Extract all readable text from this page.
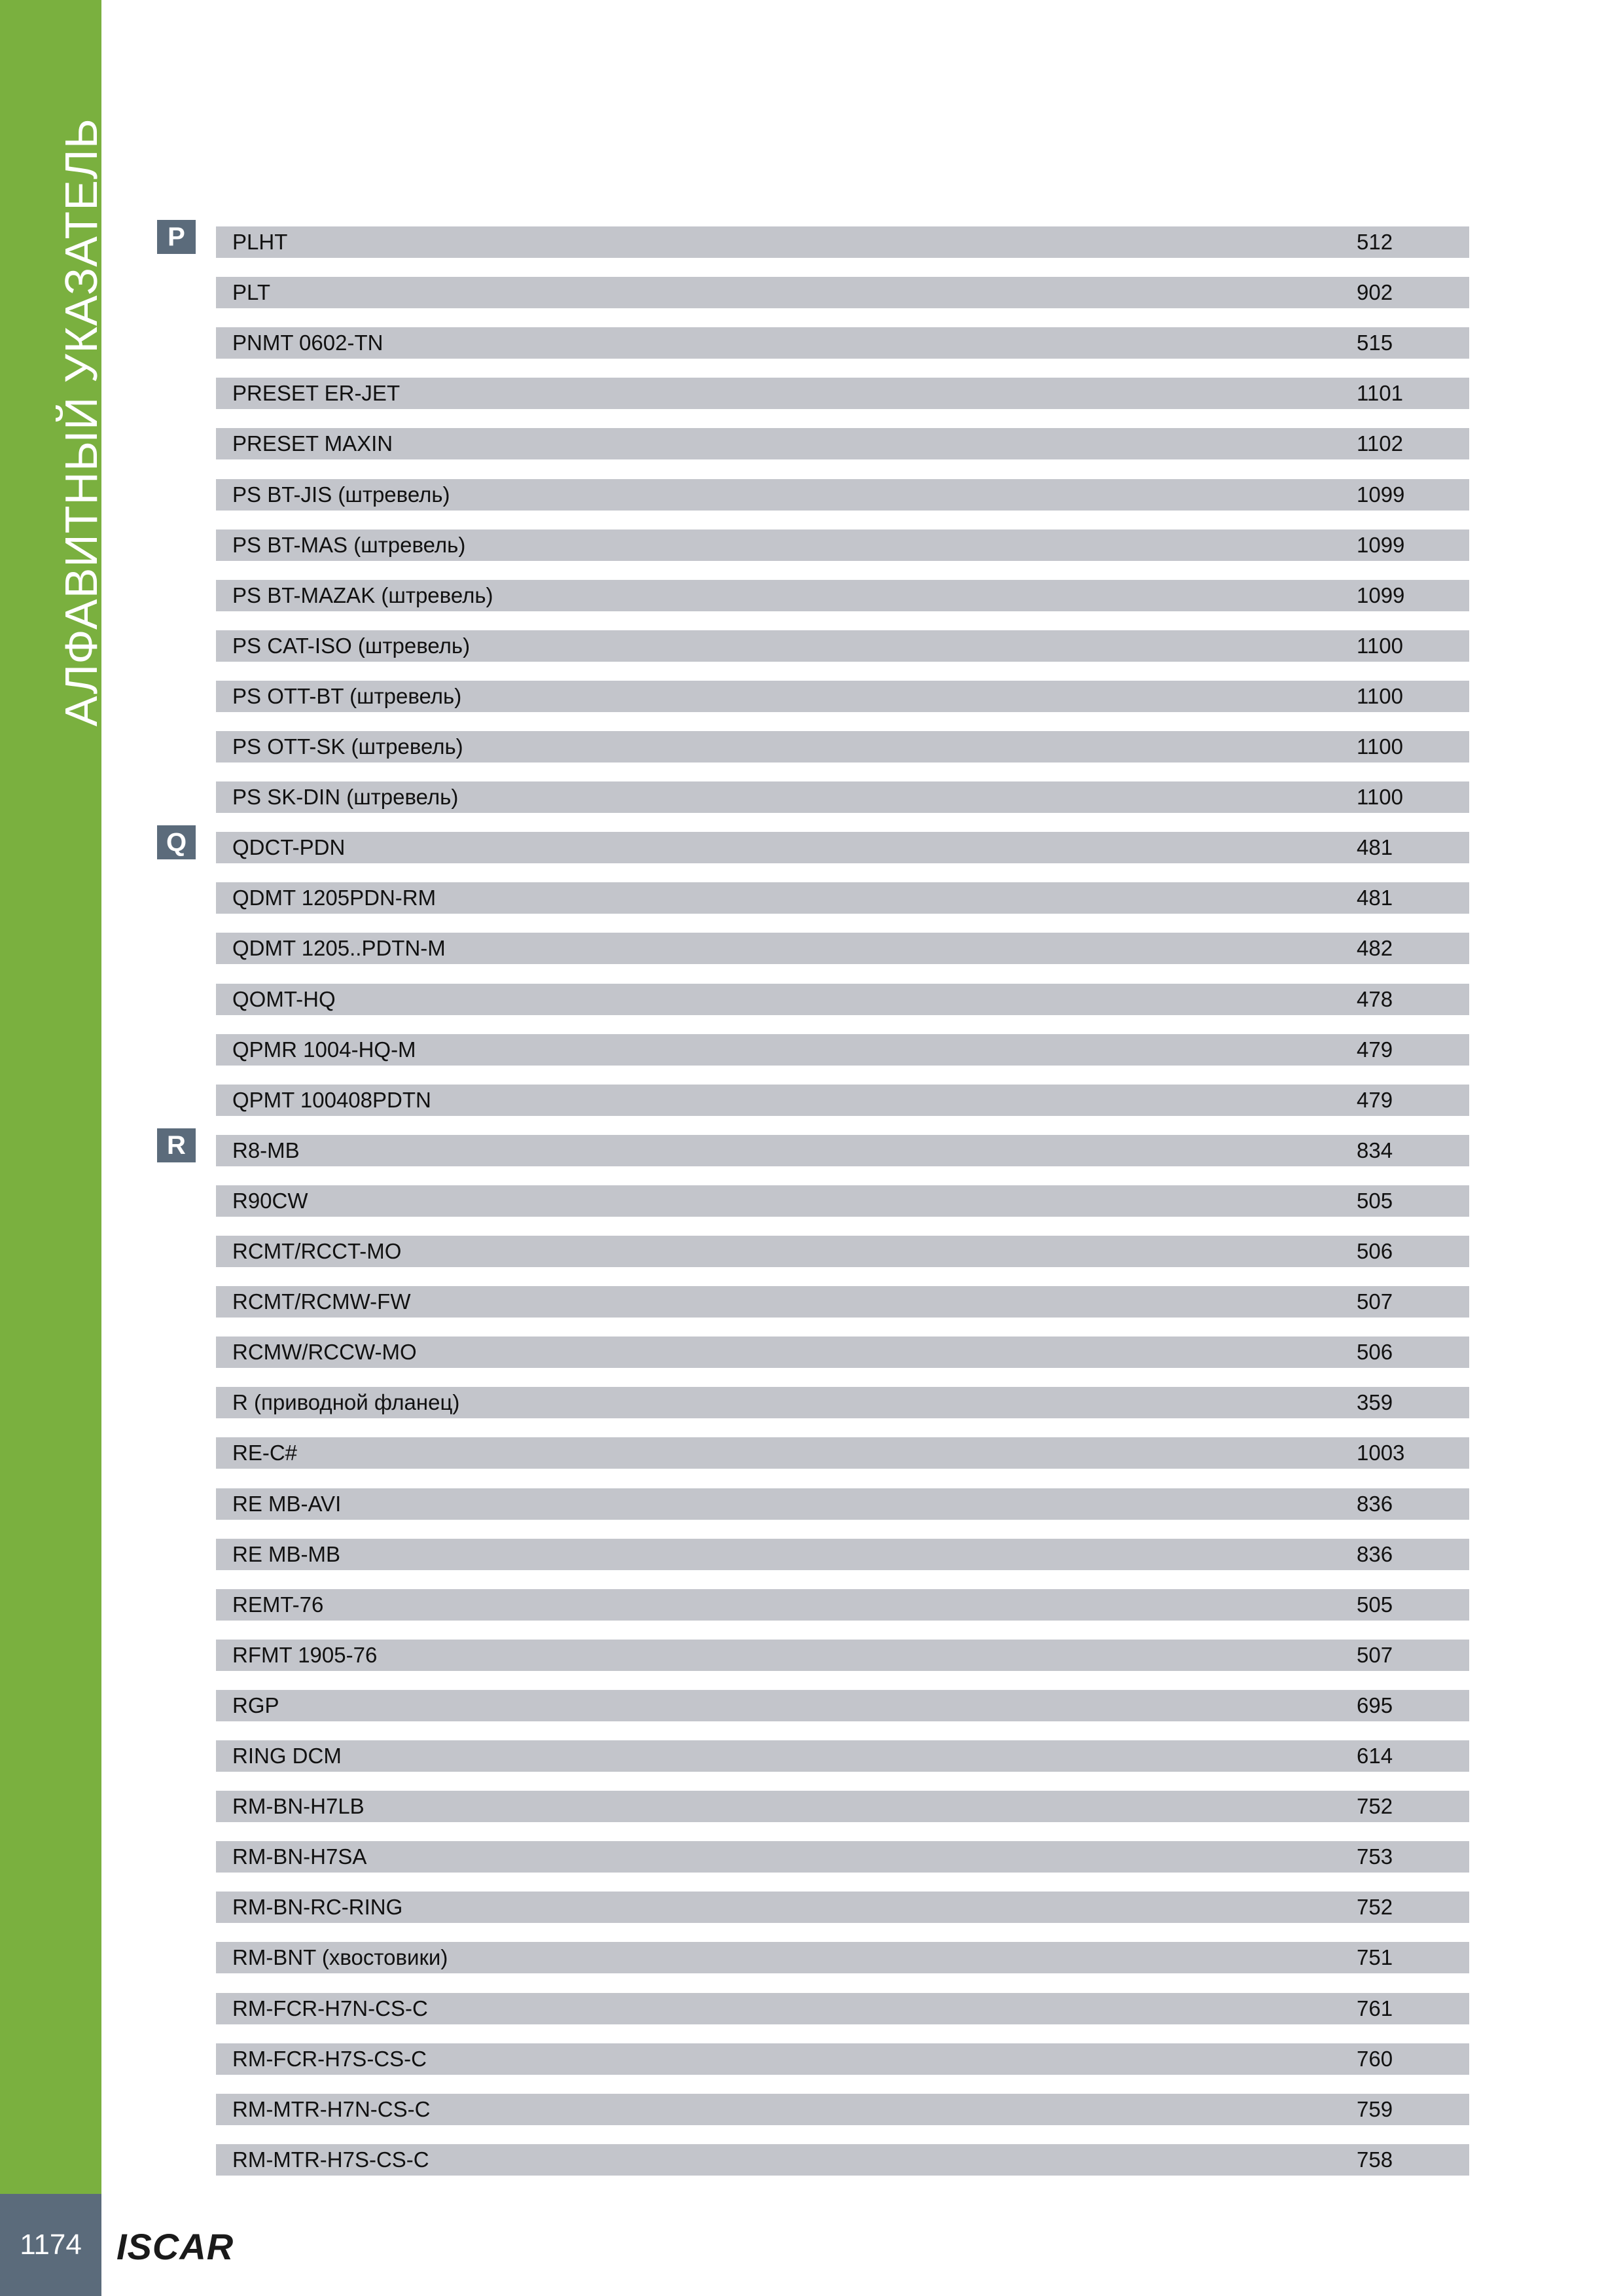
АЛФАВИТНЫЙ УКАЗАТЕЛЬ
1174 ISCAR
P	PLHT	512
PLT	902
PNMT 0602-TN	515
PRESET ER-JET	1101
PRESET MAXIN	1102
PS BT-JIS (штревель)	1099
PS BT-MAS (штревель)	1099
PS BT-MAZAK (штревель)	1099
PS CAT-ISO (штревель)	1100
PS OTT-BT (штревель)	1100
PS OTT-SK (штревель)	1100
PS SK-DIN (штревель)	1100
Q	QDCT-PDN	481
QDMT 1205PDN-RM	481
QDMT 1205..PDTN-M	482
QOMT-HQ	478
QPMR 1004-HQ-M	479
QPMT 100408PDTN	479
R	R8-MB	834
R90CW	505
RCMT/RCCT-MO	506
RCMT/RCMW-FW	507
RCMW/RCCW-MO	506
R (приводной фланец)	359
RE-C#	1003
RE MB-AVI	836
RE MB-MB	836
REMT-76	505
RFMT 1905-76	507
RGP	695
RING DCM	614
RM-BN-H7LB	752
RM-BN-H7SA	753
RM-BN-RC-RING	752
RM-BNT (хвостовики)	751
RM-FCR-H7N-CS-C	761
RM-FCR-H7S-CS-C	760
RM-MTR-H7N-CS-C	759
RM-MTR-H7S-CS-C	758
